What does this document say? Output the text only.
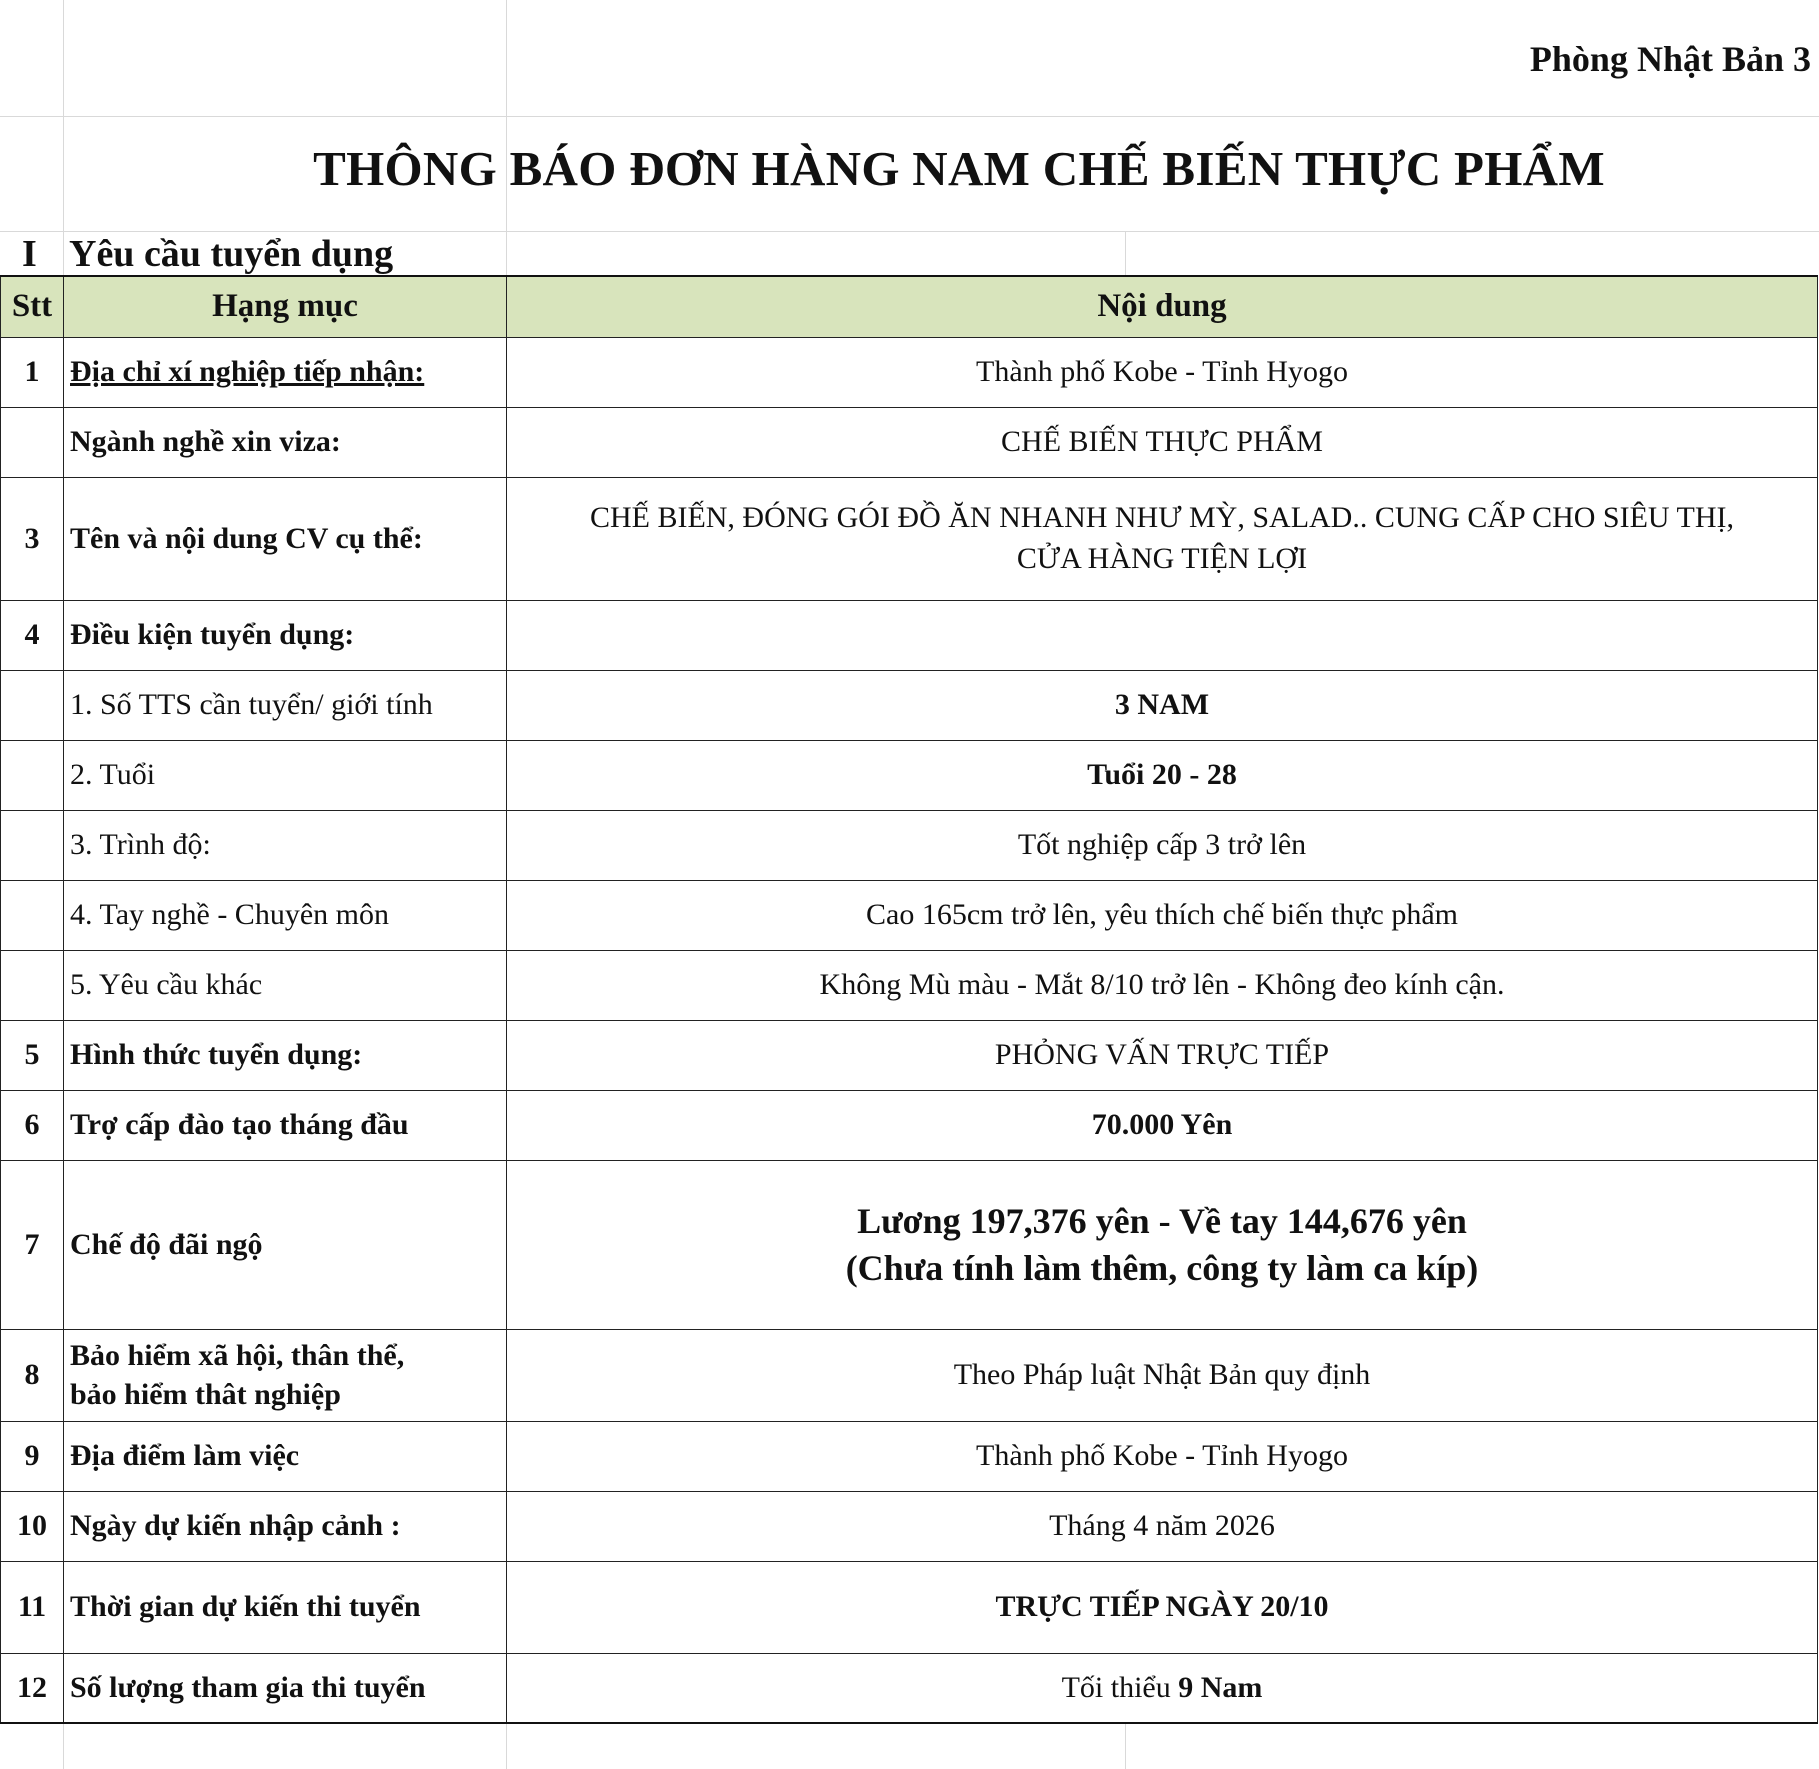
Phòng Nhật Bản 3
THÔNG BÁO ĐƠN HÀNG NAM CHẾ BIẾN THỰC PHẨM
I Yêu cầu tuyển dụng
Stt	Hạng mục	Nội dung
1	Địa chỉ xí nghiệp tiếp nhận:	Thành phố Kobe - Tỉnh Hyogo
	Ngành nghề xin viza:	CHẾ BIẾN THỰC PHẨM
3	Tên và nội dung CV cụ thể:	CHẾ BIẾN, ĐÓNG GÓI ĐỒ ĂN NHANH NHƯ MỲ, SALAD.. CUNG CẤP CHO SIÊU THỊ,
CỬA HÀNG TIỆN LỢI

4	Điều kiện tuyển dụng:	
	1. Số TTS cần tuyển/ giới tính	3 NAM
	2. Tuổi	Tuổi 20 - 28
	3. Trình độ:	Tốt nghiệp cấp 3 trở lên
	4. Tay nghề - Chuyên môn	Cao 165cm trở lên, yêu thích chế biến thực phẩm
	5. Yêu cầu khác	Không Mù màu - Mắt 8/10 trở lên - Không đeo kính cận.
5	Hình thức tuyển dụng:	PHỎNG VẤN TRỰC TIẾP
6	Trợ cấp đào tạo tháng đầu	70.000 Yên
7	Chế độ đãi ngộ	Lương 197,376 yên - Về tay 144,676 yên
(Chưa tính làm thêm, công ty làm ca kíp)

8	Bảo hiểm xã hội, thân thể,
bảo hiểm thât nghiệp	Theo Pháp luật Nhật Bản quy định
9	Địa điểm làm việc	Thành phố Kobe - Tỉnh Hyogo
10	Ngày dự kiến nhập cảnh :	Tháng 4 năm 2026
11	Thời gian dự kiến thi tuyển	TRỰC TIẾP NGÀY 20/10
12	Số lượng tham gia thi tuyển	Tối thiểu 9 Nam
